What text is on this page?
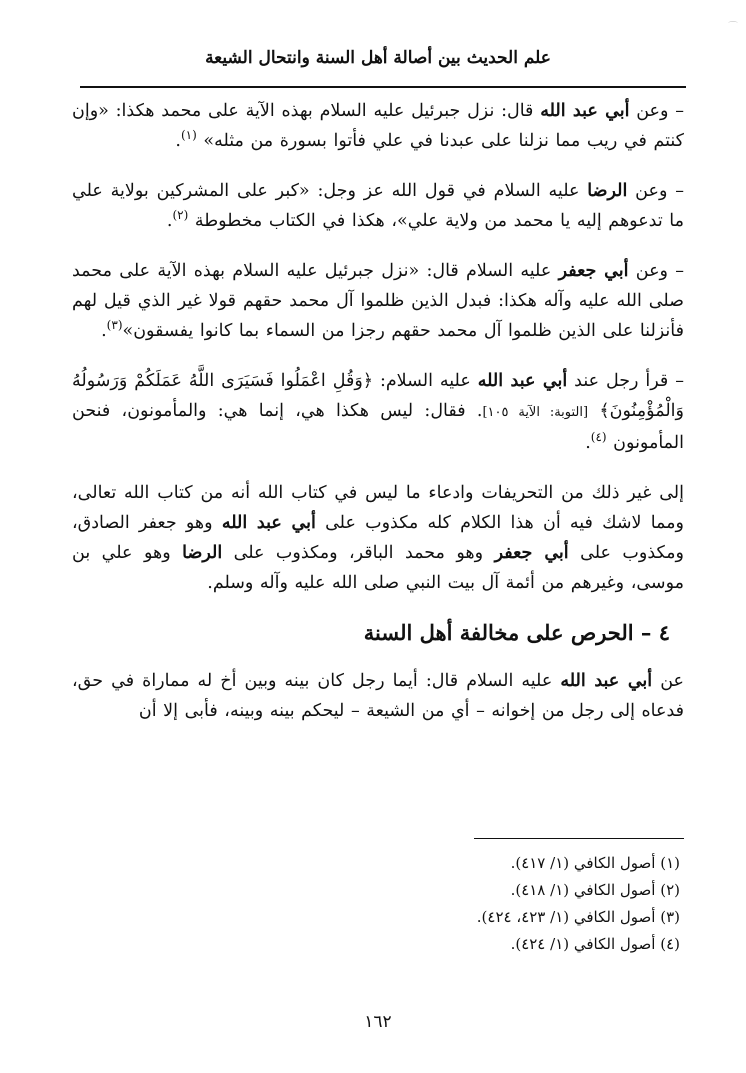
⌒
علم الحديث بين أصالة أهل السنة وانتحال الشيعة

– وعن أبي عبد الله قال: نزل جبرئيل عليه السلام بهذه الآية على محمد هكذا: «وإن كنتم في ريب مما نزلنا على عبدنا في علي فأتوا بسورة من مثله» $^{(١)}$.

– وعن الرضا عليه السلام في قول الله عز وجل: «كبر على المشركين بولاية علي ما تدعوهم إليه يا محمد من ولاية علي»، هكذا في الكتاب مخطوطة $^{(٢)}$.

– وعن أبي جعفر عليه السلام قال: «نزل جبرئيل عليه السلام بهذه الآية على محمد صلى الله عليه وآله هكذا: فبدل الذين ظلموا آل محمد حقهم قولا غير الذي قيل لهم فأنزلنا على الذين ظلموا آل محمد حقهم رجزا من السماء بما كانوا يفسقون»$^{(٣)}$.

– قرأ رجل عند أبي عبد الله عليه السلام: ﴿وَقُلِ اعْمَلُوا فَسَيَرَى اللَّهُ عَمَلَكُمْ وَرَسُولُهُ وَالْمُؤْمِنُونَ﴾ [التوبة: الآية ١٠٥]. فقال: ليس هكذا هي، إنما هي: والمأمونون، فنحن المأمونون $^{(٤)}$.

إلى غير ذلك من التحريفات وادعاء ما ليس في كتاب الله أنه من كتاب الله تعالى، ومما لاشك فيه أن هذا الكلام كله مكذوب على أبي عبد الله وهو جعفر الصادق، ومكذوب على أبي جعفر وهو محمد الباقر، ومكذوب على الرضا وهو علي بن موسى، وغيرهم من أئمة آل بيت النبي صلى الله عليه وآله وسلم.

٤ – الحرص على مخالفة أهل السنة

عن أبي عبد الله عليه السلام قال: أيما رجل كان بينه وبين أخ له مماراة في حق، فدعاه إلى رجل من إخوانه – أي من الشيعة – ليحكم بينه وبينه، فأبى إلا أن

(١) أصول الكافي (١/ ٤١٧).
(٢) أصول الكافي (١/ ٤١٨).
(٣) أصول الكافي (١/ ٤٢٣، ٤٢٤).
(٤) أصول الكافي (١/ ٤٢٤).
١٦٢
